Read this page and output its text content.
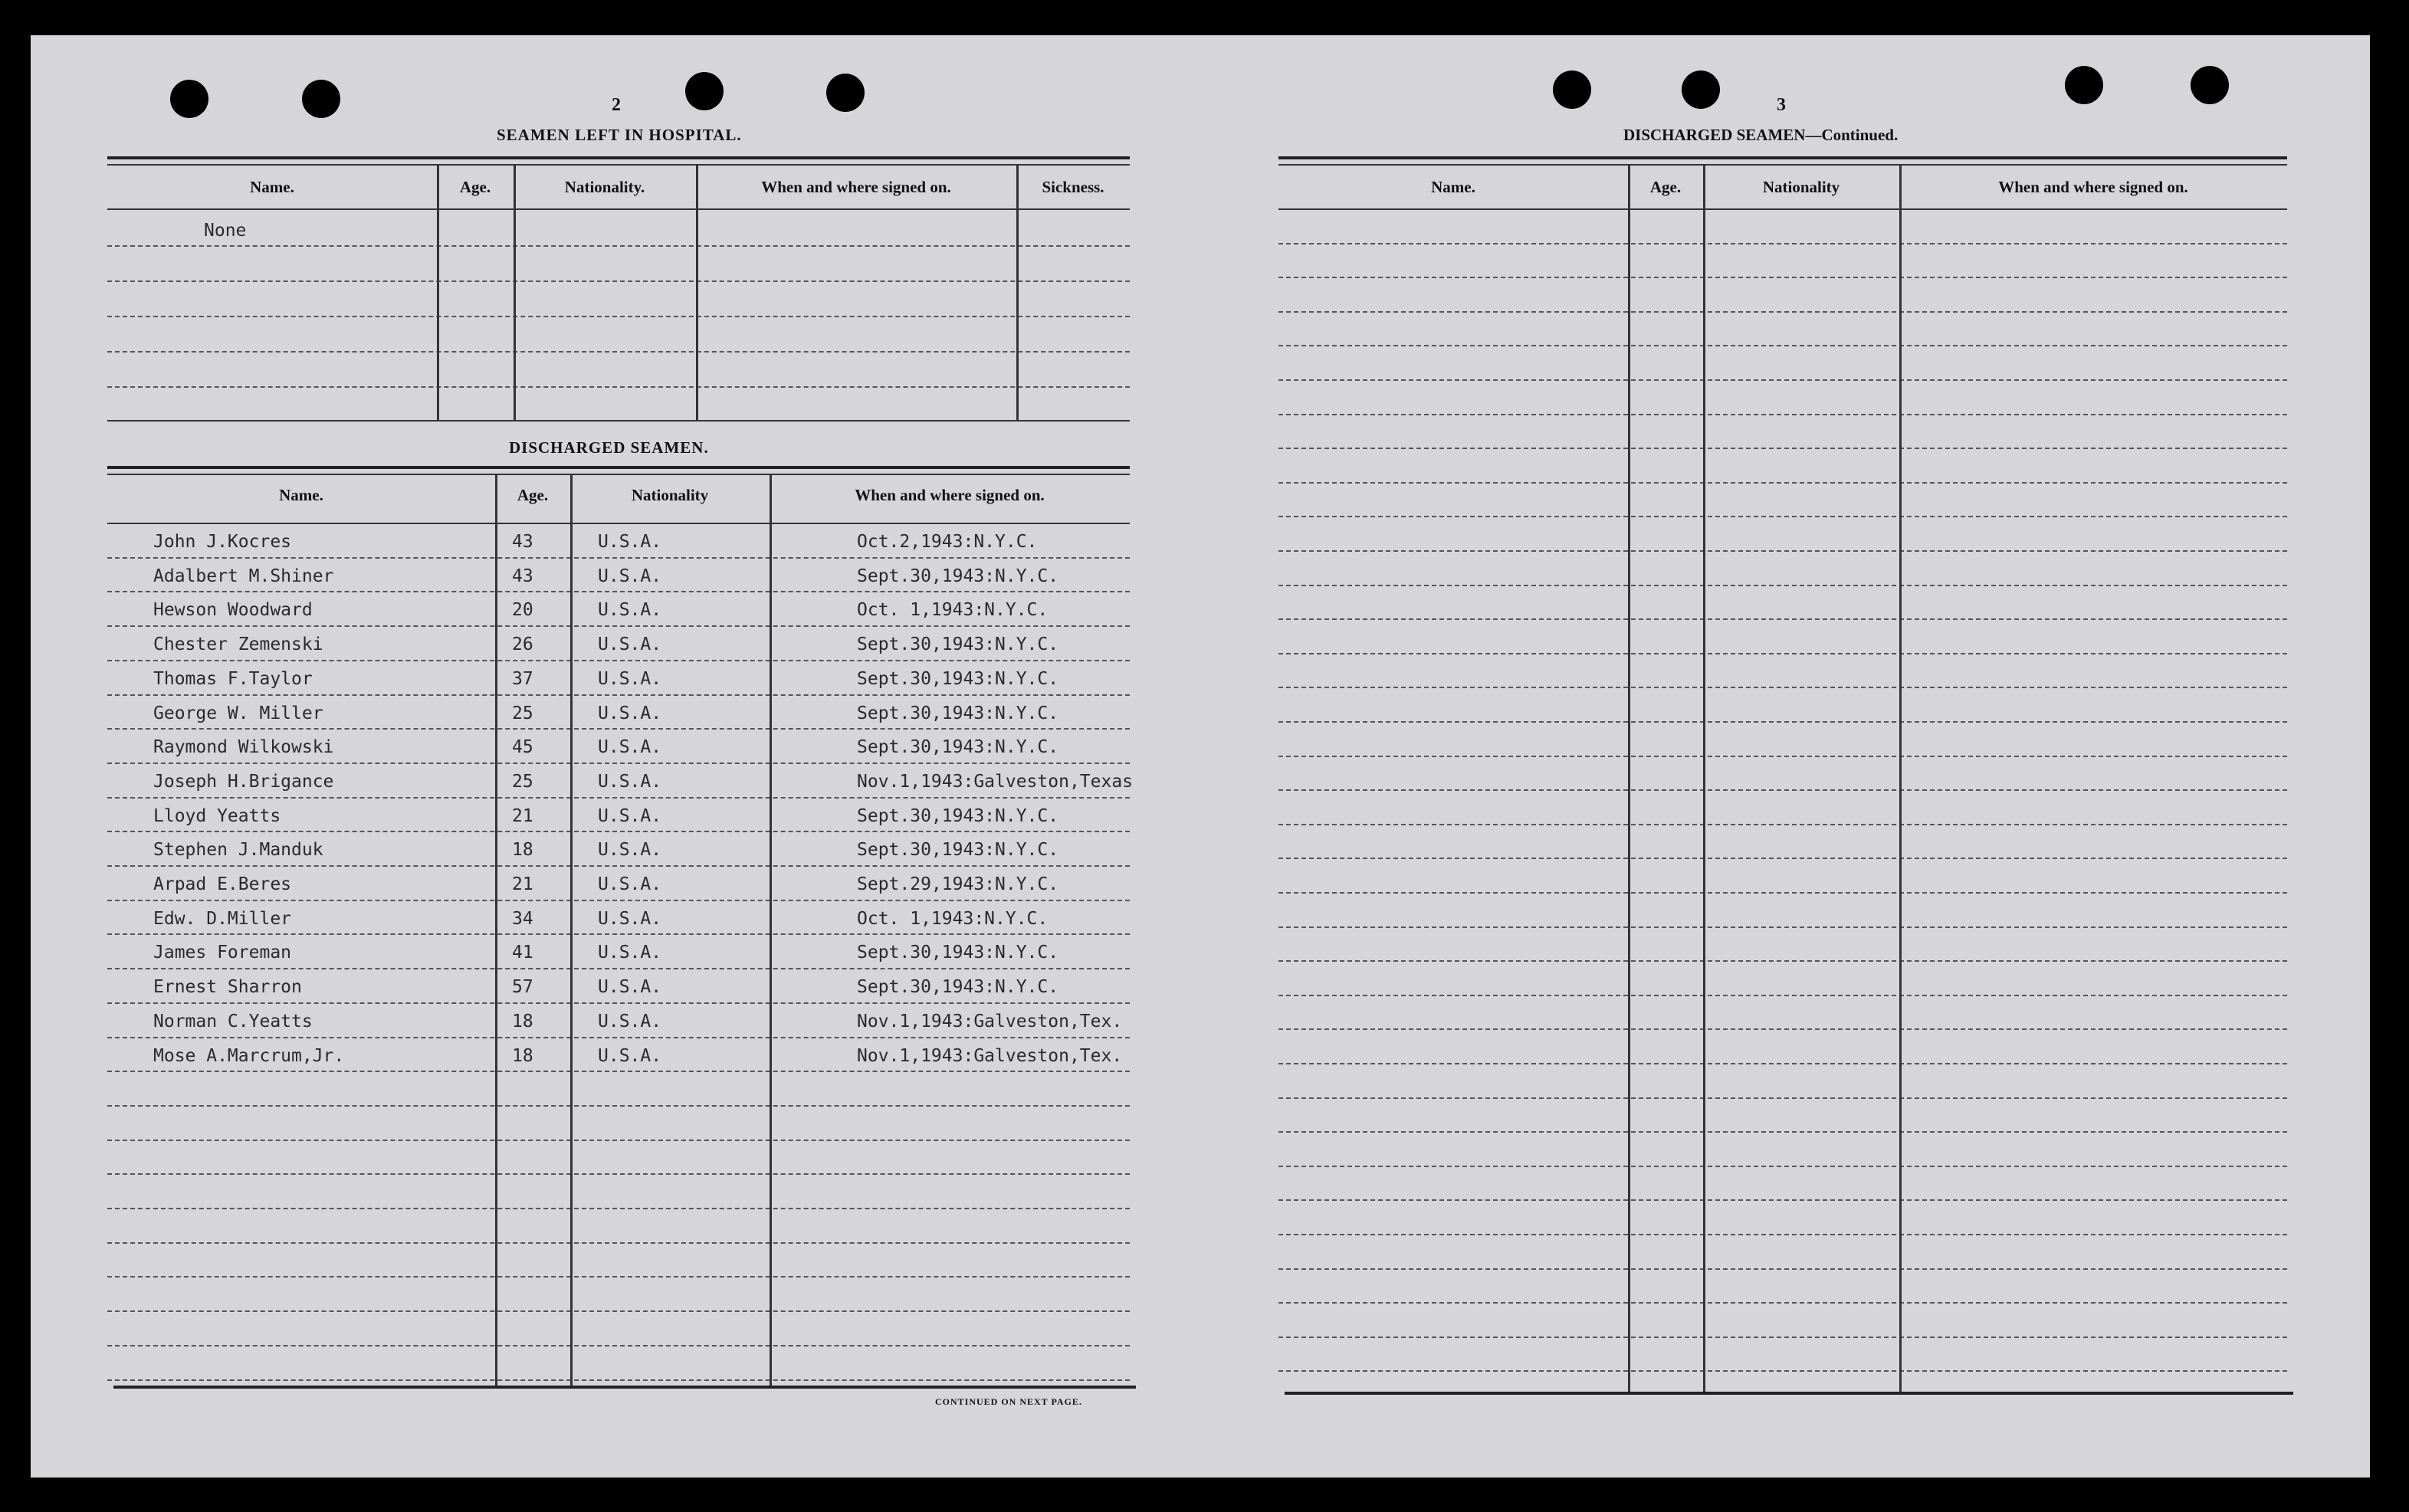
2
SEAMEN LEFT IN HOSPITAL.
Name.	Age.	Nationality.	When and where signed on.	Sickness.
None
DISCHARGED SEAMEN.
Name.	Age.	Nationality	When and where signed on.
John J.Kocres	43	U.S.A.	Oct.2,1943:N.Y.C.
Adalbert M.Shiner	43	U.S.A.	Sept.30,1943:N.Y.C.
Hewson Woodward	20	U.S.A.	Oct. 1,1943:N.Y.C.
Chester Zemenski	26	U.S.A.	Sept.30,1943:N.Y.C.
Thomas F.Taylor	37	U.S.A.	Sept.30,1943:N.Y.C.
George W. Miller	25	U.S.A.	Sept.30,1943:N.Y.C.
Raymond Wilkowski	45	U.S.A.	Sept.30,1943:N.Y.C.
Joseph H.Brigance	25	U.S.A.	Nov.1,1943:Galveston,Texas
Lloyd Yeatts	21	U.S.A.	Sept.30,1943:N.Y.C.
Stephen J.Manduk	18	U.S.A.	Sept.30,1943:N.Y.C.
Arpad E.Beres	21	U.S.A.	Sept.29,1943:N.Y.C.
Edw. D.Miller	34	U.S.A.	Oct. 1,1943:N.Y.C.
James Foreman	41	U.S.A.	Sept.30,1943:N.Y.C.
Ernest Sharron	57	U.S.A.	Sept.30,1943:N.Y.C.
Norman C.Yeatts	18	U.S.A.	Nov.1,1943:Galveston,Tex.
Mose A.Marcrum,Jr.	18	U.S.A.	Nov.1,1943:Galveston,Tex.
CONTINUED ON NEXT PAGE.
3
DISCHARGED SEAMEN—Continued.
Name.	Age.	Nationality	When and where signed on.
